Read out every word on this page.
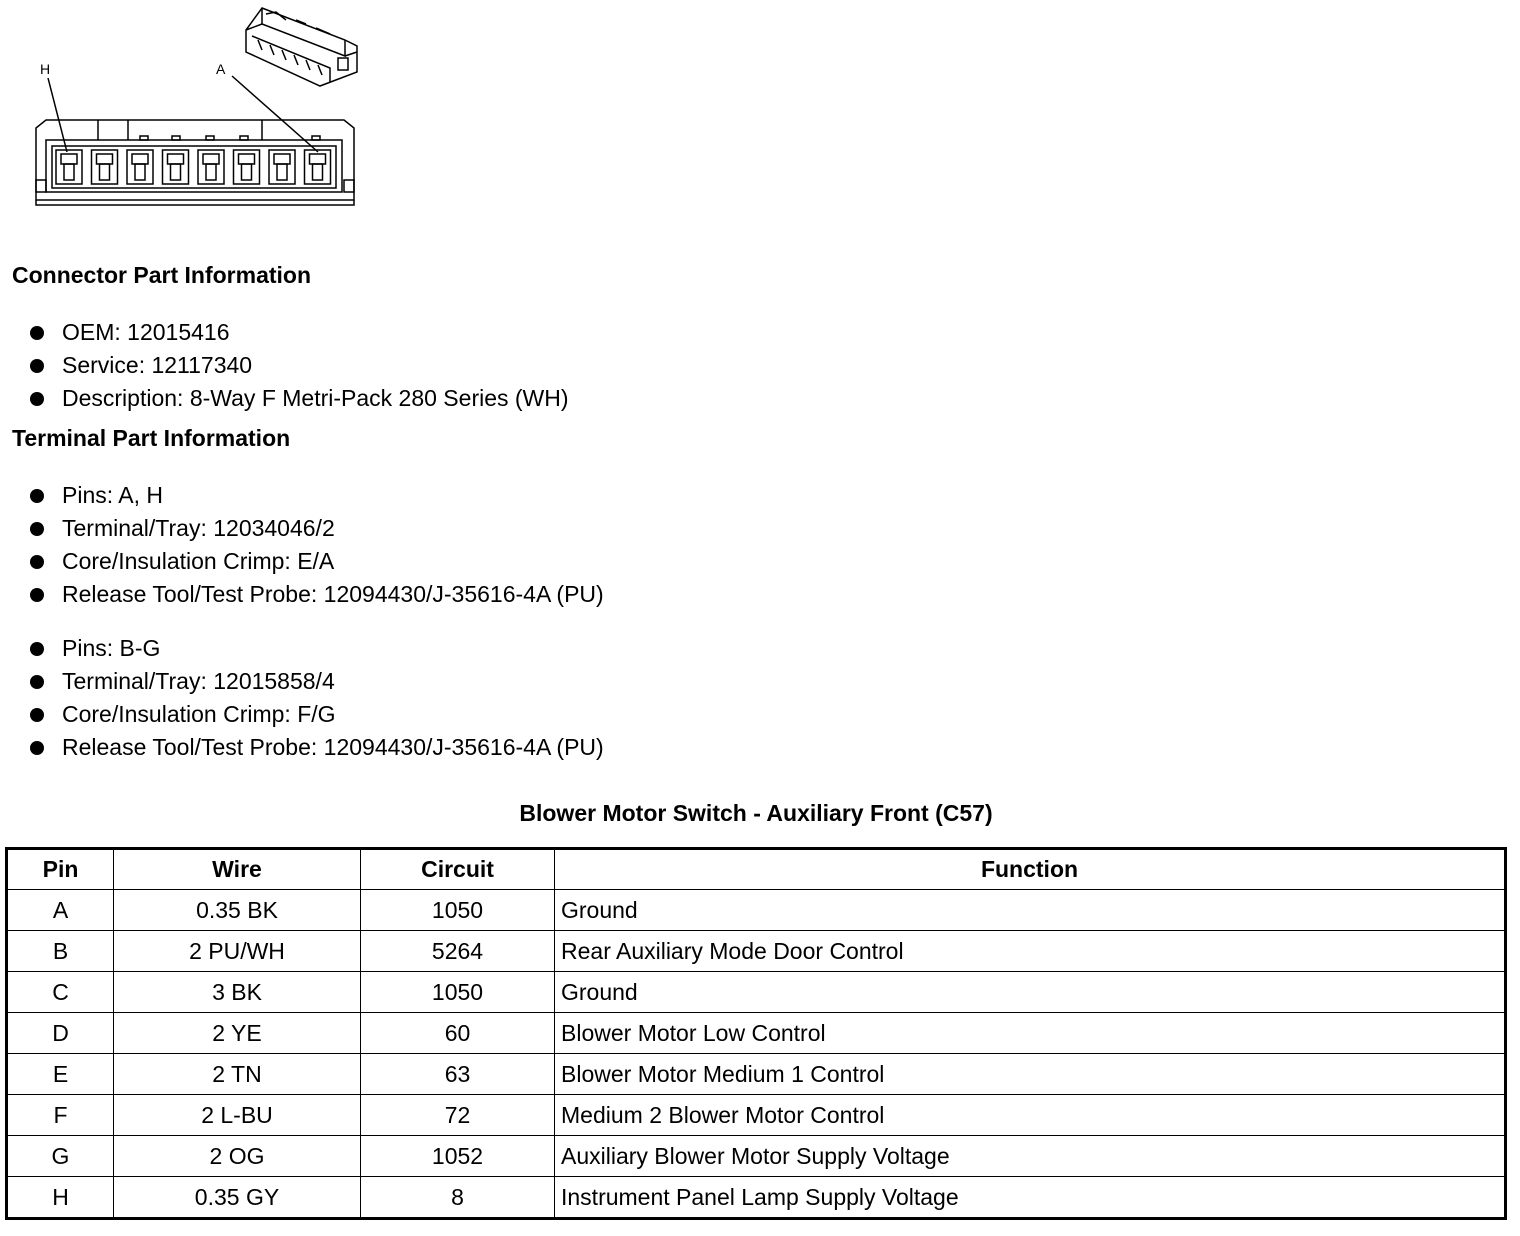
H	A
Connector Part Information
OEM: 12015416
Service: 12117340
Description: 8-Way F Metri-Pack 280 Series (WH)
Terminal Part Information
Pins: A, H
Terminal/Tray: 12034046/2
Core/Insulation Crimp: E/A
Release Tool/Test Probe: 12094430/J-35616-4A (PU)
Pins: B-G
Terminal/Tray: 12015858/4
Core/Insulation Crimp: F/G
Release Tool/Test Probe: 12094430/J-35616-4A (PU)
Blower Motor Switch - Auxiliary Front (C57)
Pin	Wire	Circuit	Function
A	0.35 BK	1050	Ground
B	2 PU/WH	5264	Rear Auxiliary Mode Door Control
C	3 BK	1050	Ground
D	2 YE	60	Blower Motor Low Control
E	2 TN	63	Blower Motor Medium 1 Control
F	2 L-BU	72	Medium 2 Blower Motor Control
G	2 OG	1052	Auxiliary Blower Motor Supply Voltage
H	0.35 GY	8	Instrument Panel Lamp Supply Voltage
